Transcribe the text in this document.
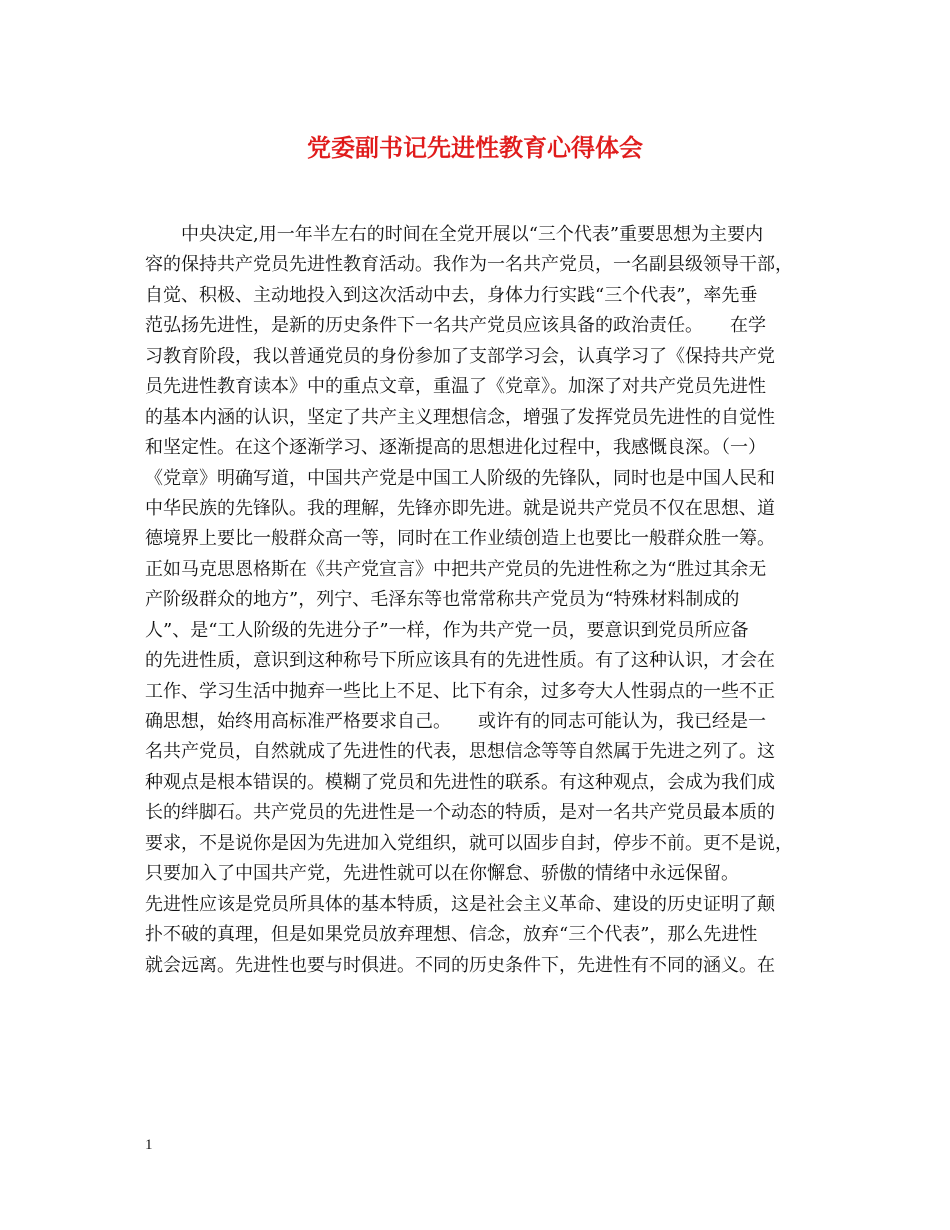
党委副书记先进性教育心得体会
　　中央决定,用一年半左右的时间在全党开展以“三个代表”重要思想为主要内
容的保持共产党员先进性教育活动。我作为一名共产党员，一名副县级领导干部，
自觉、积极、主动地投入到这次活动中去，身体力行实践“三个代表”，率先垂
范弘扬先进性，是新的历史条件下一名共产党员应该具备的政治责任。　　在学
习教育阶段，我以普通党员的身份参加了支部学习会，认真学习了《保持共产党
员先进性教育读本》中的重点文章，重温了《党章》。加深了对共产党员先进性
的基本内涵的认识，坚定了共产主义理想信念，增强了发挥党员先进性的自觉性
和坚定性。在这个逐渐学习、逐渐提高的思想进化过程中，我感慨良深。（一）
《党章》明确写道，中国共产党是中国工人阶级的先锋队，同时也是中国人民和
中华民族的先锋队。我的理解，先锋亦即先进。就是说共产党员不仅在思想、道
德境界上要比一般群众高一等，同时在工作业绩创造上也要比一般群众胜一筹。
正如马克思恩格斯在《共产党宣言》中把共产党员的先进性称之为“胜过其余无
产阶级群众的地方”，列宁、毛泽东等也常常称共产党员为“特殊材料制成的
人”、是“工人阶级的先进分子”一样，作为共产党一员，要意识到党员所应备
的先进性质，意识到这种称号下所应该具有的先进性质。有了这种认识，才会在
工作、学习生活中抛弃一些比上不足、比下有余，过多夸大人性弱点的一些不正
确思想，始终用高标准严格要求自己。　　或许有的同志可能认为，我已经是一
名共产党员，自然就成了先进性的代表，思想信念等等自然属于先进之列了。这
种观点是根本错误的。模糊了党员和先进性的联系。有这种观点，会成为我们成
长的绊脚石。共产党员的先进性是一个动态的特质，是对一名共产党员最本质的
要求，不是说你是因为先进加入党组织，就可以固步自封，停步不前。更不是说，
只要加入了中国共产党，先进性就可以在你懈怠、骄傲的情绪中永远保留。
先进性应该是党员所具体的基本特质，这是社会主义革命、建设的历史证明了颠
扑不破的真理，但是如果党员放弃理想、信念，放弃“三个代表”，那么先进性
就会远离。先进性也要与时俱进。不同的历史条件下，先进性有不同的涵义。在
1
